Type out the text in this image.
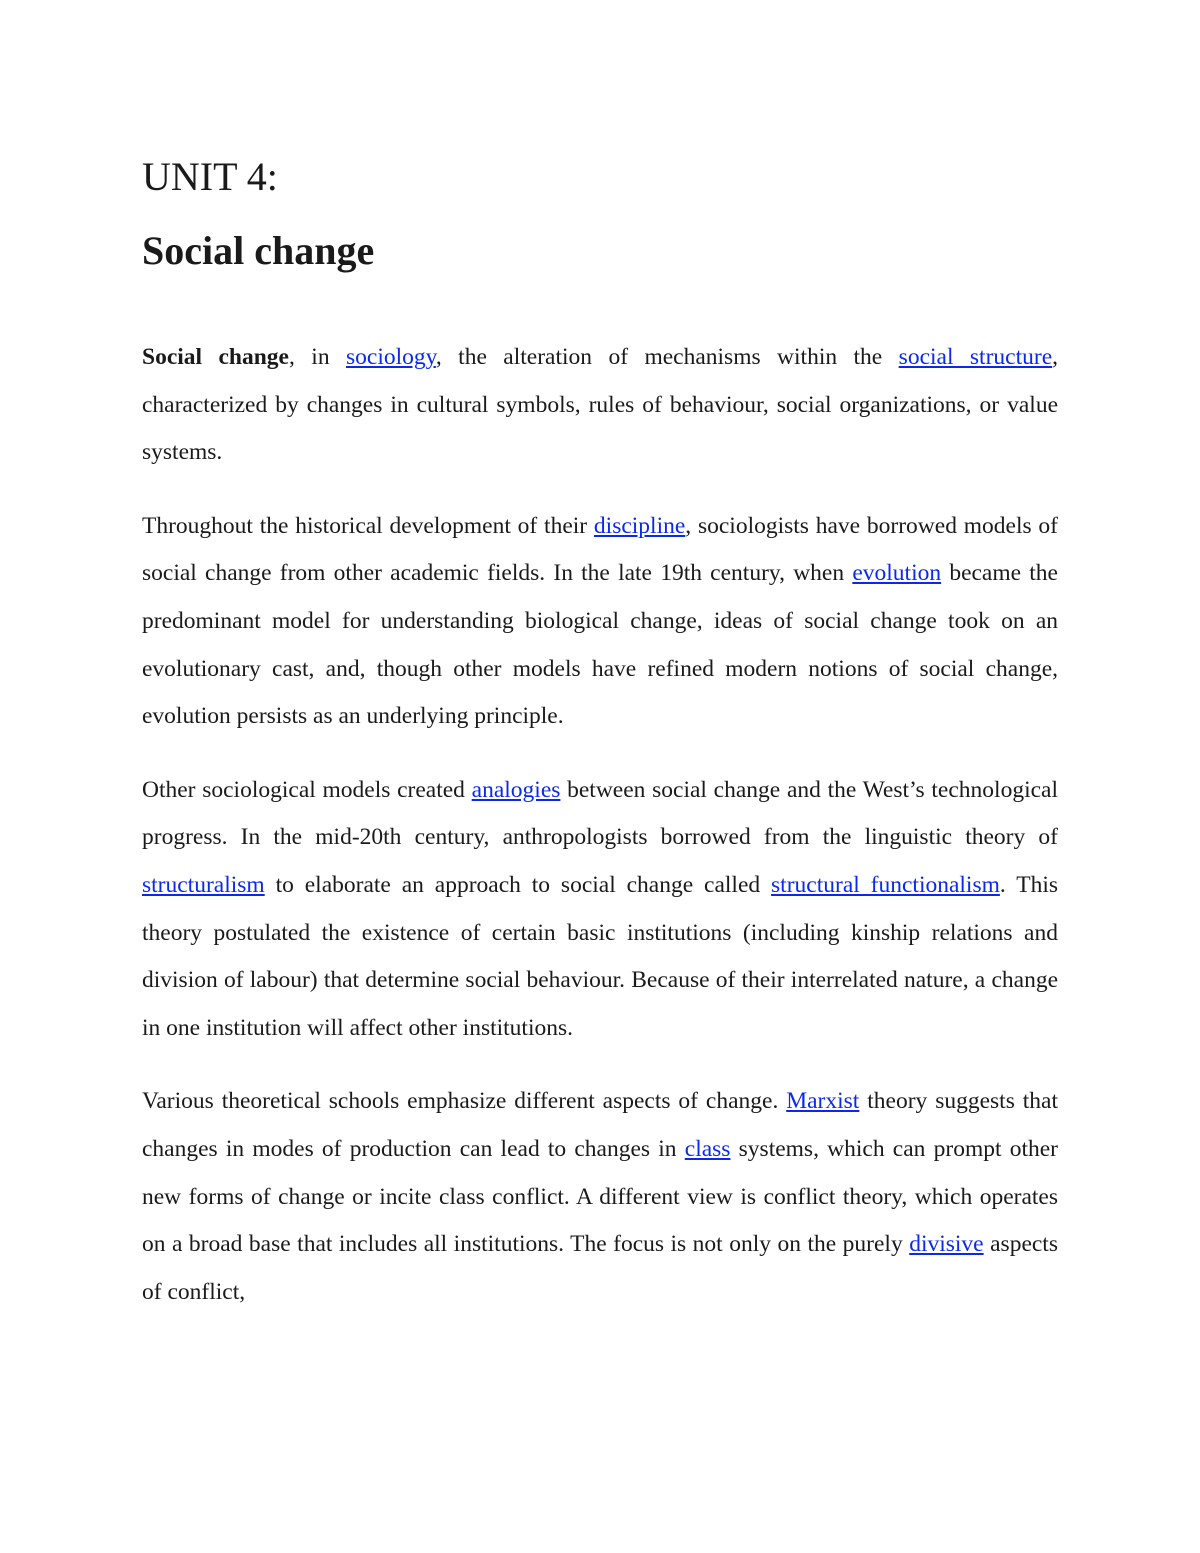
UNIT 4:
Social change

Social change, in sociology, the alteration of mechanisms within the social structure, characterized by changes in cultural symbols, rules of behaviour, social organizations, or value systems.

Throughout the historical development of their discipline, sociologists have borrowed models of social change from other academic fields. In the late 19th century, when evolution became the predominant model for understanding biological change, ideas of social change took on an evolutionary cast, and, though other models have refined modern notions of social change, evolution persists as an underlying principle.

Other sociological models created analogies between social change and the West’s technological progress. In the mid-20th century, anthropologists borrowed from the linguistic theory of structuralism to elaborate an approach to social change called structural functionalism. This theory postulated the existence of certain basic institutions (including kinship relations and division of labour) that determine social behaviour. Because of their interrelated nature, a change in one institution will affect other institutions.

Various theoretical schools emphasize different aspects of change. Marxist theory suggests that changes in modes of production can lead to changes in class systems, which can prompt other new forms of change or incite class conflict. A different view is conflict theory, which operates on a broad base that includes all institutions. The focus is not only on the purely divisive aspects of conflict,
